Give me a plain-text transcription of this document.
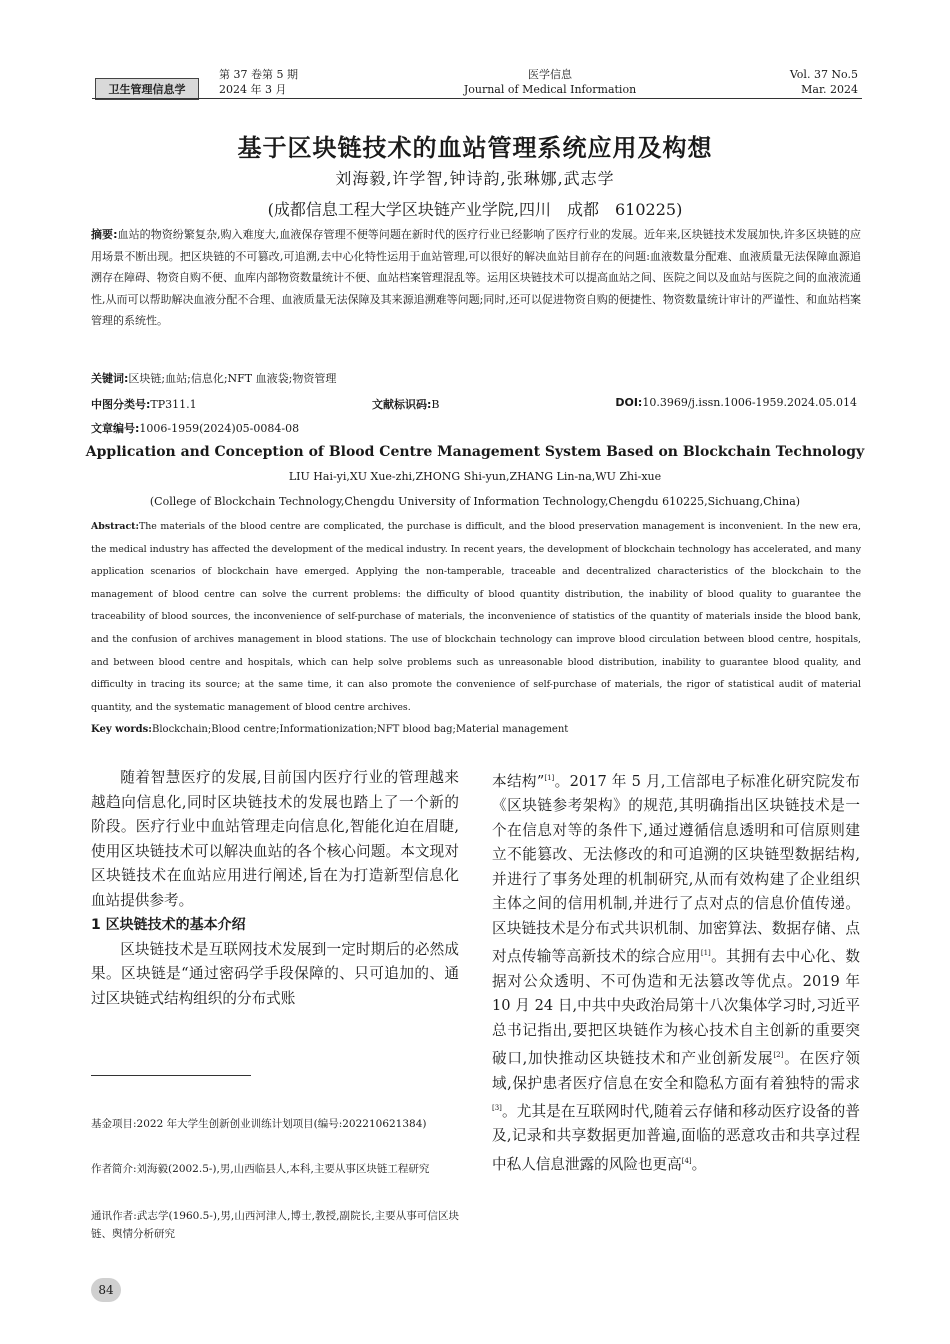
卫生管理信息学
第 37 卷第 5 期
2024 年 3 月
医学信息
Journal of Medical Information
Vol. 37 No.5
Mar. 2024
基于区块链技术的血站管理系统应用及构想
刘海毅,许学智,钟诗韵,张琳娜,武志学
(成都信息工程大学区块链产业学院,四川　成都　610225)
摘要:血站的物资纷繁复杂,购入难度大,血液保存管理不便等问题在新时代的医疗行业已经影响了医疗行业的发展。近年来,区块链技术发展加快,许多区块链的应用场景不断出现。把区块链的不可篡改,可追溯,去中心化特性运用于血站管理,可以很好的解决血站目前存在的问题:血液数量分配难、血液质量无法保障血源追溯存在障碍、物资自购不便、血库内部物资数量统计不便、血站档案管理混乱等。运用区块链技术可以提高血站之间、医院之间以及血站与医院之间的血液流通性,从而可以帮助解决血液分配不合理、血液质量无法保障及其来源追溯难等问题;同时,还可以促进物资自购的便捷性、物资数量统计审计的严谨性、和血站档案管理的系统性。
关键词:区块链;血站;信息化;NFT 血液袋;物资管理
中图分类号:TP311.1	文献标识码:B	DOI:10.3969/j.issn.1006-1959.2024.05.014
文章编号:1006-1959(2024)05-0084-08
Application and Conception of Blood Centre Management System Based on Blockchain Technology
LIU Hai-yi,XU Xue-zhi,ZHONG Shi-yun,ZHANG Lin-na,WU Zhi-xue
(College of Blockchain Technology,Chengdu University of Information Technology,Chengdu 610225,Sichuang,China)
Abstract:The materials of the blood centre are complicated, the purchase is difficult, and the blood preservation management is inconvenient. In the new era, the medical industry has affected the development of the medical industry. In recent years, the development of blockchain technology has accelerated, and many application scenarios of blockchain have emerged. Applying the non-tamperable, traceable and decentralized characteristics of the blockchain to the management of blood centre can solve the current problems: the difficulty of blood quantity distribution, the inability of blood quality to guarantee the traceability of blood sources, the inconvenience of self-purchase of materials, the inconvenience of statistics of the quantity of materials inside the blood bank, and the confusion of archives management in blood stations. The use of blockchain technology can improve blood circulation between blood centre, hospitals, and between blood centre and hospitals, which can help solve problems such as unreasonable blood distribution, inability to guarantee blood quality, and difficulty in tracing its source; at the same time, it can also promote the convenience of self-purchase of materials, the rigor of statistical audit of material quantity, and the systematic management of blood centre archives.
Key words:Blockchain;Blood centre;Informationization;NFT blood bag;Material management

随着智慧医疗的发展,目前国内医疗行业的管理越来越趋向信息化,同时区块链技术的发展也踏上了一个新的阶段。医疗行业中血站管理走向信息化,智能化迫在眉睫,使用区块链技术可以解决血站的各个核心问题。本文现对区块链技术在血站应用进行阐述,旨在为打造新型信息化血站提供参考。

1 区块链技术的基本介绍

区块链技术是互联网技术发展到一定时期后的必然成果。区块链是“通过密码学手段保障的、只可追加的、通过区块链式结构组织的分布式账

本结构”[1]。2017 年 5 月,工信部电子标准化研究院发布《区块链参考架构》的规范,其明确指出区块链技术是一个在信息对等的条件下,通过遵循信息透明和可信原则建立不能篡改、无法修改的和可追溯的区块链型数据结构,并进行了事务处理的机制研究,从而有效构建了企业组织主体之间的信用机制,并进行了点对点的信息价值传递。区块链技术是分布式共识机制、加密算法、数据存储、点对点传输等高新技术的综合应用[1]。其拥有去中心化、数据对公众透明、不可伪造和无法篡改等优点。2019 年 10 月 24 日,中共中央政治局第十八次集体学习时,习近平总书记指出,要把区块链作为核心技术自主创新的重要突破口,加快推动区块链技术和产业创新发展[2]。在医疗领域,保护患者医疗信息在安全和隐私方面有着独特的需求[3]。尤其是在互联网时代,随着云存储和移动医疗设备的普及,记录和共享数据更加普遍,面临的恶意攻击和共享过程中私人信息泄露的风险也更高[4]。

基金项目:2022 年大学生创新创业训练计划项目(编号:202210621384)
作者简介:刘海毅(2002.5-),男,山西临县人,本科,主要从事区块链工程研究
通讯作者:武志学(1960.5-),男,山西河津人,博士,教授,副院长,主要从事可信区块链、舆情分析研究
84
